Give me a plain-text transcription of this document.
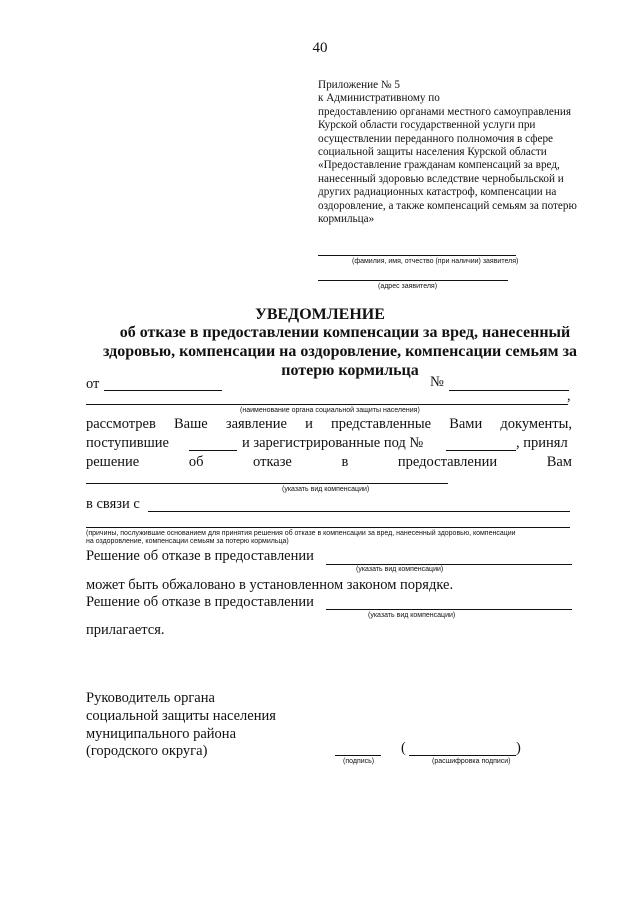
40
Приложение № 5
к Административному по
предоставлению органами местного самоуправления
Курской области государственной услуги при
осуществлении переданного полномочия в сфере
социальной защиты населения Курской области
«Предоставление гражданам компенсаций за вред,
нанесенный здоровью вследствие чернобыльской и
других радиационных катастроф, компенсации на
оздоровление, а также компенсаций семьям за потерю
кормильца»
(фамилия, имя, отчество (при наличии) заявителя)
(адрес заявителя)
УВЕДОМЛЕНИЕ
об отказе в предоставлении компенсации за вред, нанесенный
здоровью, компенсации на оздоровление, компенсации семьям за
потерю кормильца
от	№
,
(наименование органа социальной защиты населения)
рассмотрев Ваше заявление и представленные Вами документы,
поступившие	и зарегистрированные под №	, принял
решение	об	отказе	в	предоставлении	Вам
(указать вид компенсации)
в связи с
(причины, послужившие основанием для принятия решения об отказе в компенсации за вред, нанесенный здоровью, компенсации
на оздоровление, компенсации семьям за потерю кормильца)
Решение об отказе в предоставлении
(указать вид компенсации)
может быть обжаловано в установленном законом порядке.
Решение об отказе в предоставлении
(указать вид компенсации)
прилагается.
Руководитель органа
социальной защиты населения
муниципального района
(городского округа)
(подпись)
(	)
(расшифровка подписи)
